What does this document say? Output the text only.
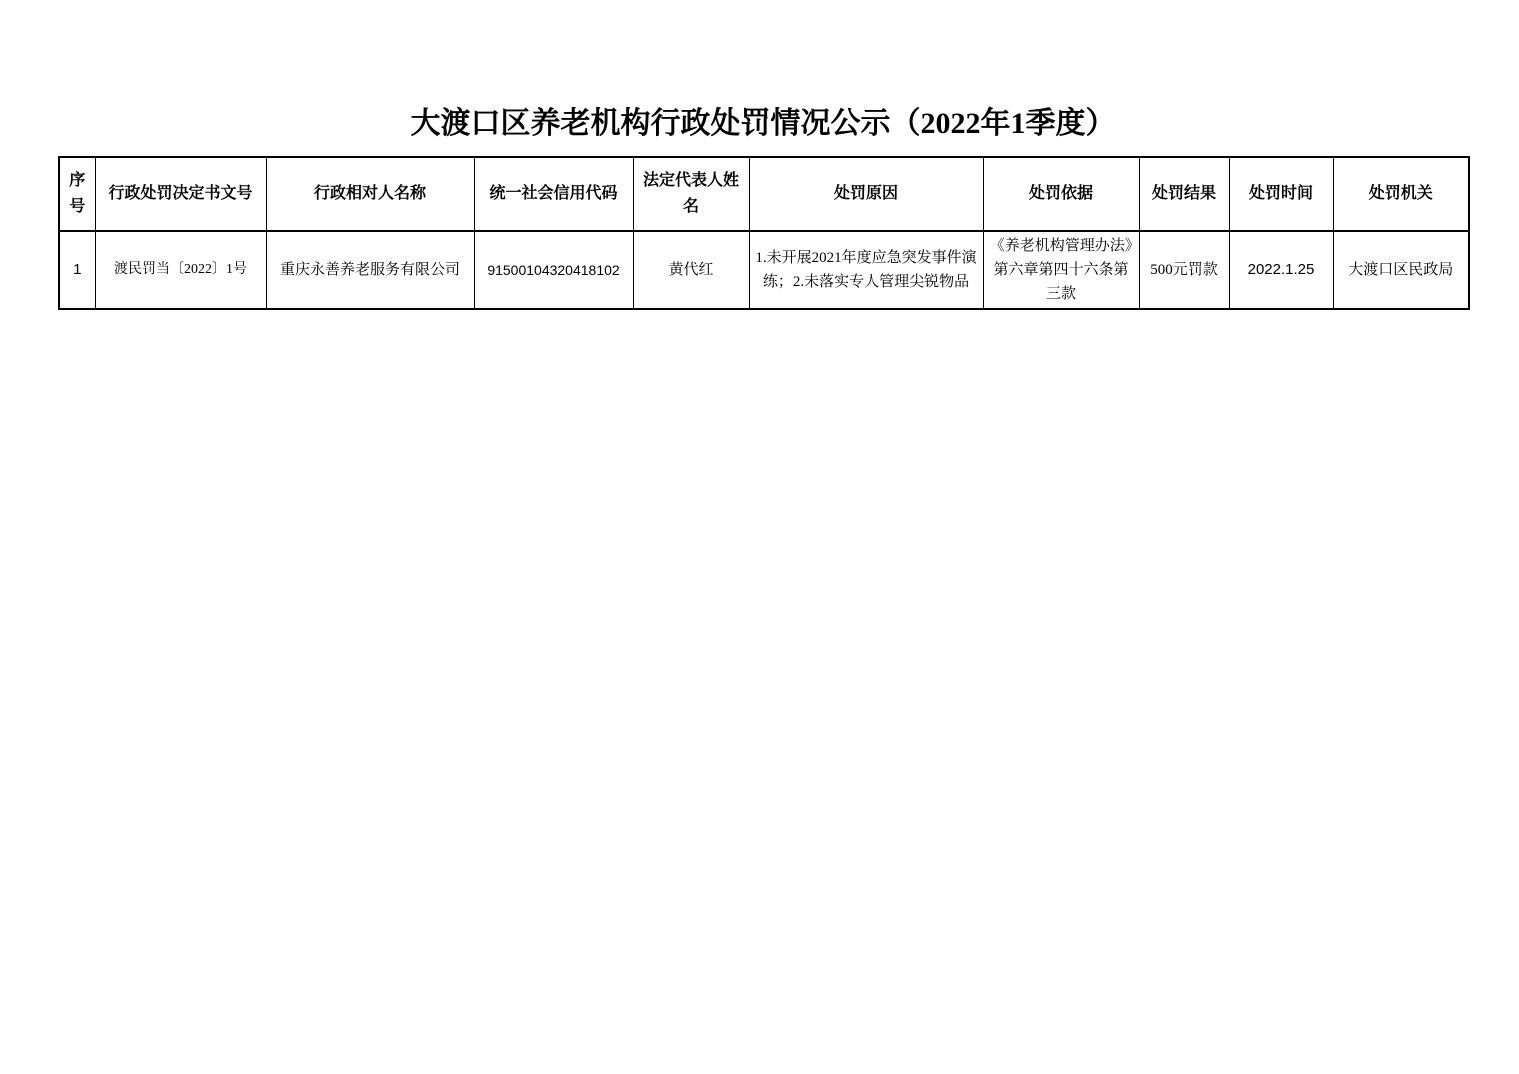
大渡口区养老机构行政处罚情况公示（2022年1季度）
序号	行政处罚决定书文号	行政相对人名称	统一社会信用代码	法定代表人姓名	处罚原因	处罚依据	处罚结果	处罚时间	处罚机关
1	渡民罚当〔2022〕1号	重庆永善养老服务有限公司	91500104320418102	黄代红	1.未开展2021年度应急突发事件演练；2.未落实专人管理尖锐物品	《养老机构管理办法》第六章第四十六条第三款	500元罚款	2022.1.25	大渡口区民政局
